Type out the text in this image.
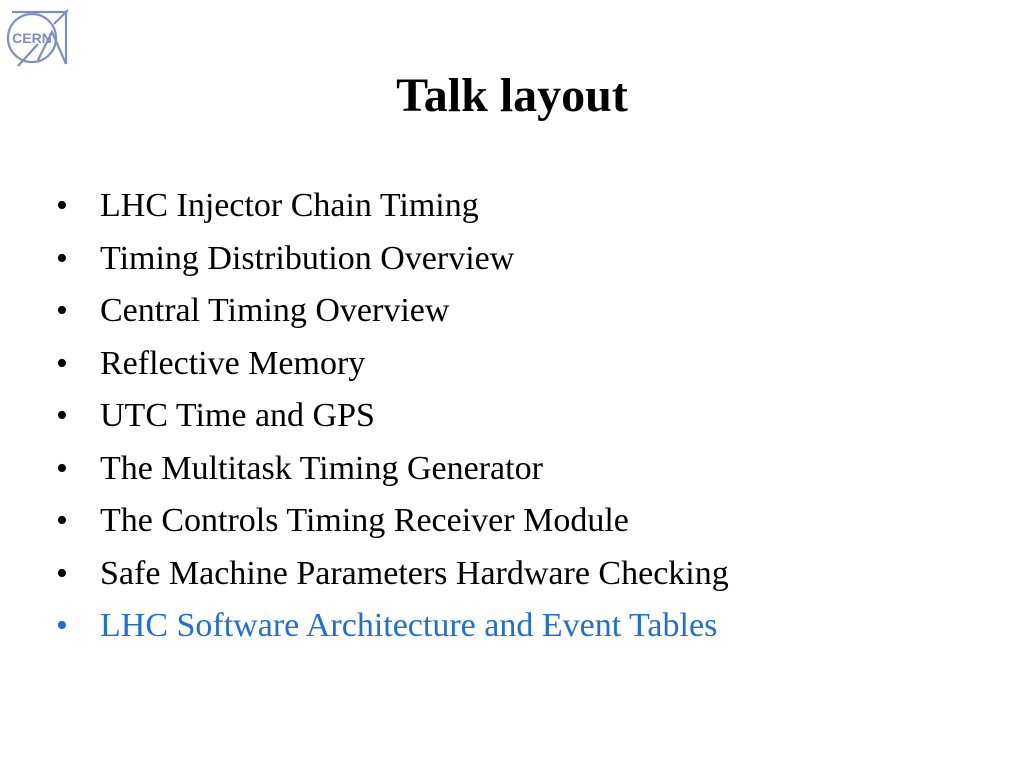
CERN
Talk layout
• LHC Injector Chain Timing
• Timing Distribution Overview
• Central Timing Overview
• Reflective Memory
• UTC Time and GPS
• The Multitask Timing Generator
• The Controls Timing Receiver Module
• Safe Machine Parameters Hardware Checking
• LHC Software Architecture and Event Tables
